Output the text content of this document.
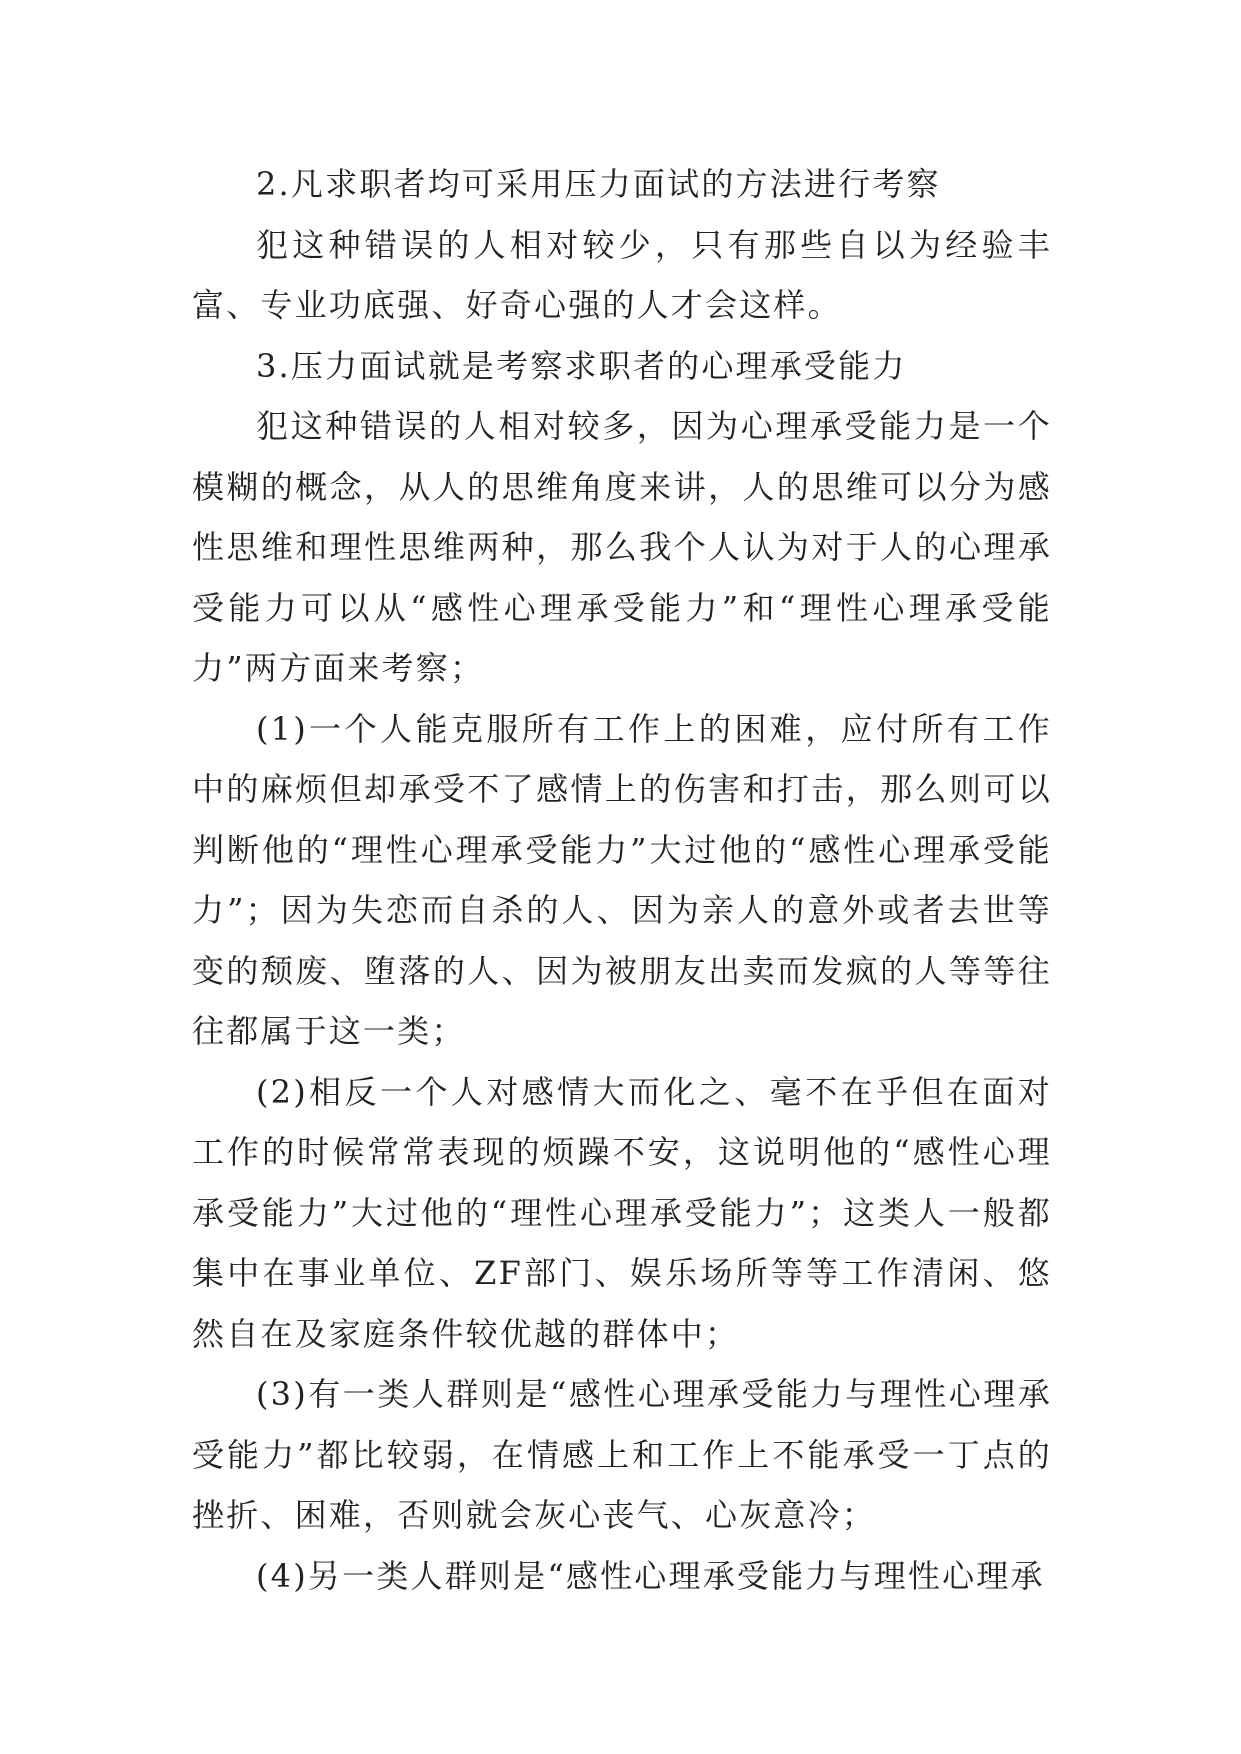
2.凡求职者均可采用压力面试的方法进行考察

犯这种错误的人相对较少，只有那些自以为经验丰富、专业功底强、好奇心强的人才会这样。

3.压力面试就是考察求职者的心理承受能力

犯这种错误的人相对较多，因为心理承受能力是一个模糊的概念，从人的思维角度来讲，人的思维可以分为感性思维和理性思维两种，那么我个人认为对于人的心理承受能力可以从“感性心理承受能力”和“理性心理承受能力”两方面来考察；

(1)一个人能克服所有工作上的困难，应付所有工作中的麻烦但却承受不了感情上的伤害和打击，那么则可以判断他的“理性心理承受能力”大过他的“感性心理承受能力”；因为失恋而自杀的人、因为亲人的意外或者去世等变的颓废、堕落的人、因为被朋友出卖而发疯的人等等往往都属于这一类；

(2)相反一个人对感情大而化之、毫不在乎但在面对工作的时候常常表现的烦躁不安，这说明他的“感性心理承受能力”大过他的“理性心理承受能力”；这类人一般都集中在事业单位、ZF部门、娱乐场所等等工作清闲、悠然自在及家庭条件较优越的群体中；

(3)有一类人群则是“感性心理承受能力与理性心理承受能力”都比较弱，在情感上和工作上不能承受一丁点的挫折、困难，否则就会灰心丧气、心灰意冷；

(4)另一类人群则是“感性心理承受能力与理性心理承
